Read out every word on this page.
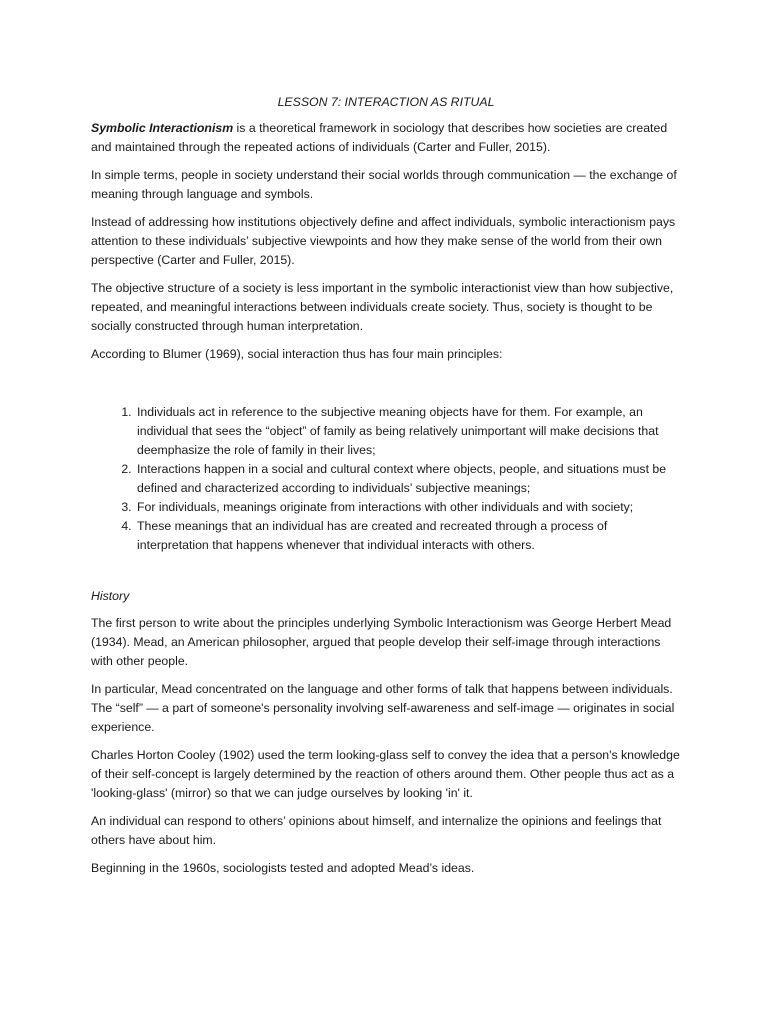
LESSON 7: INTERACTION AS RITUAL

Symbolic Interactionism is a theoretical framework in sociology that describes how societies are created and maintained through the repeated actions of individuals (Carter and Fuller, 2015).

In simple terms, people in society understand their social worlds through communication — the exchange of meaning through language and symbols.

Instead of addressing how institutions objectively define and affect individuals, symbolic interactionism pays attention to these individuals’ subjective viewpoints and how they make sense of the world from their own perspective (Carter and Fuller, 2015).

The objective structure of a society is less important in the symbolic interactionist view than how subjective, repeated, and meaningful interactions between individuals create society. Thus, society is thought to be socially constructed through human interpretation.

According to Blumer (1969), social interaction thus has four main principles:

1. Individuals act in reference to the subjective meaning objects have for them. For example, an individual that sees the “object” of family as being relatively unimportant will make decisions that deemphasize the role of family in their lives;
2. Interactions happen in a social and cultural context where objects, people, and situations must be defined and characterized according to individuals’ subjective meanings;
3. For individuals, meanings originate from interactions with other individuals and with society;
4. These meanings that an individual has are created and recreated through a process of interpretation that happens whenever that individual interacts with others.

History

The first person to write about the principles underlying Symbolic Interactionism was George Herbert Mead (1934). Mead, an American philosopher, argued that people develop their self-image through interactions with other people.

In particular, Mead concentrated on the language and other forms of talk that happens between individuals. The “self” — a part of someone's personality involving self-awareness and self-image — originates in social experience.

Charles Horton Cooley (1902) used the term looking-glass self to convey the idea that a person's knowledge of their self-concept is largely determined by the reaction of others around them. Other people thus act as a 'looking-glass' (mirror) so that we can judge ourselves by looking 'in' it.

An individual can respond to others’ opinions about himself, and internalize the opinions and feelings that others have about him.

Beginning in the 1960s, sociologists tested and adopted Mead’s ideas.
